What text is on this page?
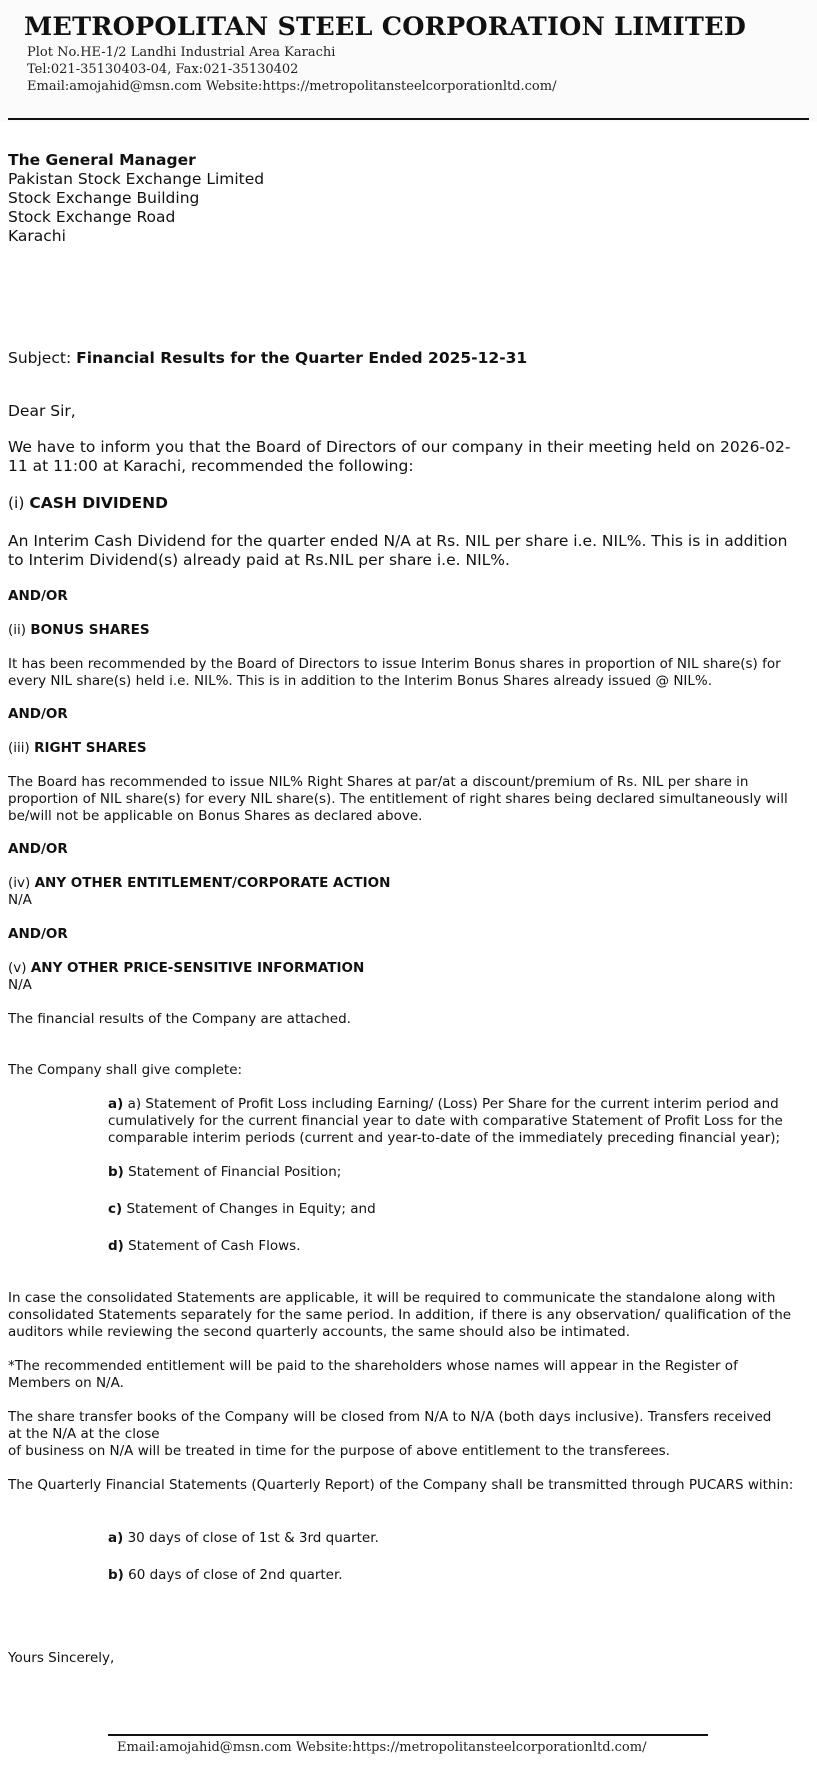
METROPOLITAN STEEL CORPORATION LIMITED
Plot No.HE-1/2 Landhi Industrial Area Karachi
Tel:021-35130403-04, Fax:021-35130402
Email:amojahid@msn.com Website:https://metropolitansteelcorporationltd.com/
The General Manager
Pakistan Stock Exchange Limited
Stock Exchange Building
Stock Exchange Road
Karachi
Subject: Financial Results for the Quarter Ended 2025-12-31
Dear Sir,
We have to inform you that the Board of Directors of our company in their meeting held on 2026-02-11 at 11:00 at Karachi, recommended the following:
(i) CASH DIVIDEND
An Interim Cash Dividend for the quarter ended N/A at Rs. NIL per share i.e. NIL%. This is in addition to Interim Dividend(s) already paid at Rs.NIL per share i.e. NIL%.
AND/OR
(ii) BONUS SHARES
It has been recommended by the Board of Directors to issue Interim Bonus shares in proportion of NIL share(s) for every NIL share(s) held i.e. NIL%. This is in addition to the Interim Bonus Shares already issued @ NIL%.
AND/OR
(iii) RIGHT SHARES
The Board has recommended to issue NIL% Right Shares at par/at a discount/premium of Rs. NIL per share in proportion of NIL share(s) for every NIL share(s). The entitlement of right shares being declared simultaneously will be/will not be applicable on Bonus Shares as declared above.
AND/OR
(iv) ANY OTHER ENTITLEMENT/CORPORATE ACTION
N/A
AND/OR
(v) ANY OTHER PRICE-SENSITIVE INFORMATION
N/A
The financial results of the Company are attached.
The Company shall give complete:
a) a) Statement of Profit Loss including Earning/ (Loss) Per Share for the current interim period and cumulatively for the current financial year to date with comparative Statement of Profit Loss for the comparable interim periods (current and year-to-date of the immediately preceding financial year);
b) Statement of Financial Position;
c) Statement of Changes in Equity; and
d) Statement of Cash Flows.
In case the consolidated Statements are applicable, it will be required to communicate the standalone along with consolidated Statements separately for the same period. In addition, if there is any observation/ qualification of the auditors while reviewing the second quarterly accounts, the same should also be intimated.
*The recommended entitlement will be paid to the shareholders whose names will appear in the Register of Members on N/A.
The share transfer books of the Company will be closed from N/A to N/A (both days inclusive). Transfers received
at the N/A at the close
of business on N/A will be treated in time for the purpose of above entitlement to the transferees.
The Quarterly Financial Statements (Quarterly Report) of the Company shall be transmitted through PUCARS within:
a) 30 days of close of 1st & 3rd quarter.
b) 60 days of close of 2nd quarter.
Yours Sincerely,
Email:amojahid@msn.com Website:https://metropolitansteelcorporationltd.com/
